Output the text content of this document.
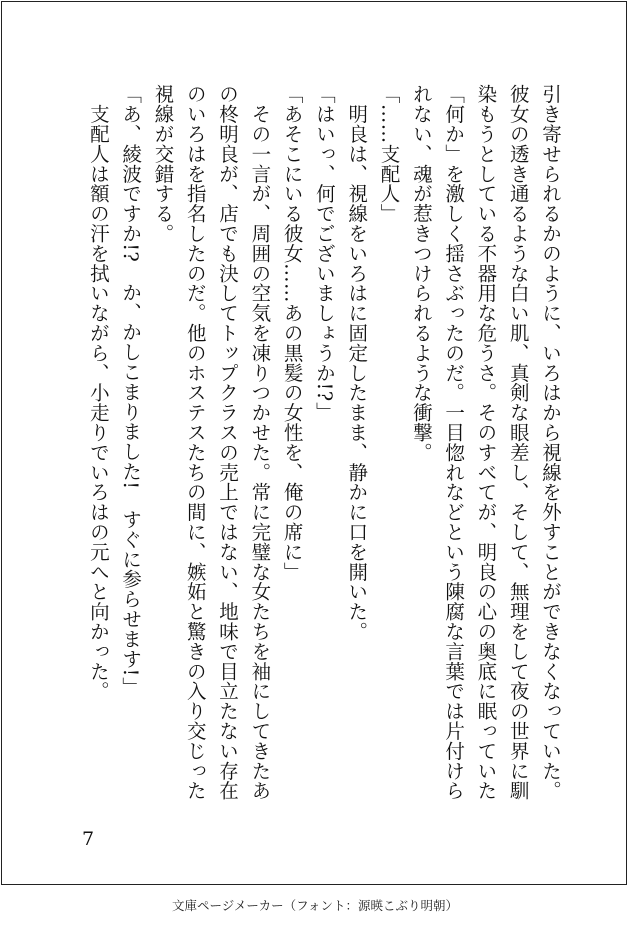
引き寄せられるかのように、いろはから視線を外すことができなくなっていた。
彼女の透き通るような白い肌、真剣な眼差し、そして、無理をして夜の世界に馴
染もうとしている不器用な危うさ。そのすべてが、明良の心の奥底に眠っていた
「何か」を激しく揺さぶったのだ。一目惚れなどという陳腐な言葉では片付けら
れない、魂が惹きつけられるような衝撃。
「……支配人」
　明良は、視線をいろはに固定したまま、静かに口を開いた。
「はいっ、何でございましょうか!?」
「あそこにいる彼女……あの黒髪の女性を、俺の席に」
　その一言が、周囲の空気を凍りつかせた。常に完璧な女たちを袖にしてきたあ
の柊明良が、店でも決してトップクラスの売上ではない、地味で目立たない存在
のいろはを指名したのだ。他のホステスたちの間に、嫉妬と驚きの入り交じった
視線が交錯する。
「あ、綾波ですか!?　か、かしこまりました!　すぐに参らせます!」
　支配人は額の汗を拭いながら、小走りでいろはの元へと向かった。
7
文庫ページメーカー（フォント：源暎こぶり明朝）
